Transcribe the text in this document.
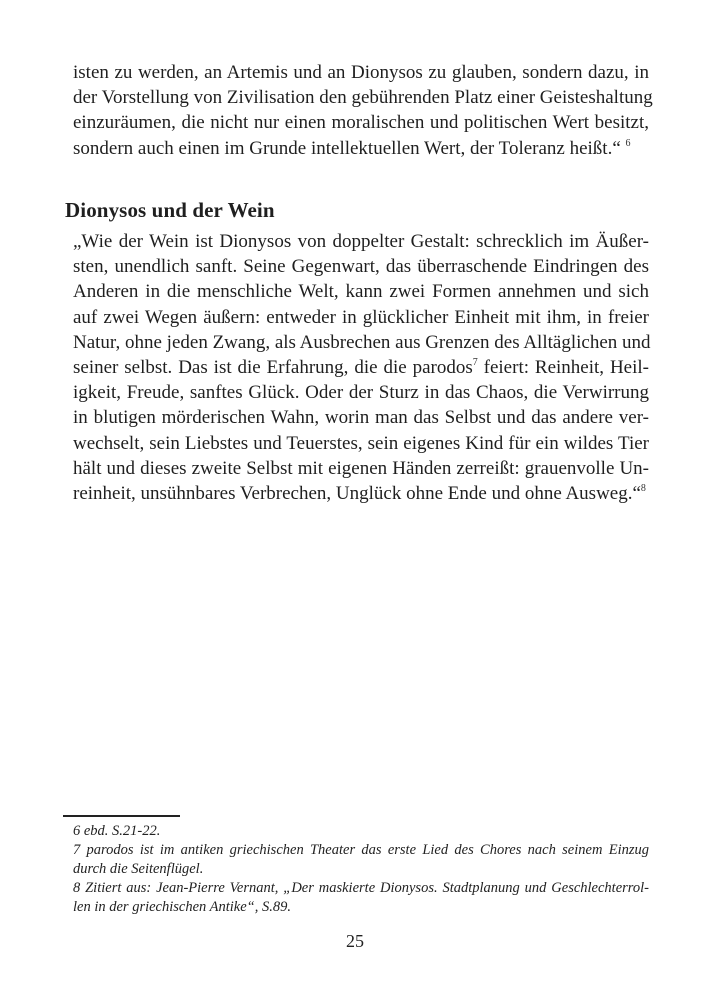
isten zu werden, an Artemis und an Dionysos zu glauben, sondern dazu, in
der Vorstellung von Zivilisation den gebührenden Platz einer Geisteshaltung
einzuräumen, die nicht nur einen moralischen und politischen Wert besitzt,
sondern auch einen im Grunde intellektuellen Wert, der Toleranz heißt.“ $^6$
Dionysos und der Wein
„Wie der Wein ist Dionysos von doppelter Gestalt: schrecklich im Äußer-
sten, unendlich sanft. Seine Gegenwart, das überraschende Eindringen des
Anderen in die menschliche Welt, kann zwei Formen annehmen und sich
auf zwei Wegen äußern: entweder in glücklicher Einheit mit ihm, in freier
Natur, ohne jeden Zwang, als Ausbrechen aus Grenzen des Alltäglichen und
seiner selbst. Das ist die Erfahrung, die die parodos$^7$ feiert: Reinheit, Heil-
igkeit, Freude, sanftes Glück. Oder der Sturz in das Chaos, die Verwirrung
in blutigen mörderischen Wahn, worin man das Selbst und das andere ver-
wechselt, sein Liebstes und Teuerstes, sein eigenes Kind für ein wildes Tier
hält und dieses zweite Selbst mit eigenen Händen zerreißt: grauenvolle Un-
reinheit, unsühnbares Verbrechen, Unglück ohne Ende und ohne Ausweg.“$^8$
6 ebd. S.21-22.
7 parodos ist im antiken griechischen Theater das erste Lied des Chores nach seinem Einzug
durch die Seitenflügel.
8 Zitiert aus: Jean-Pierre Vernant, „Der maskierte Dionysos. Stadtplanung und Geschlechterrol-
len in der griechischen Antike“, S.89.
25
